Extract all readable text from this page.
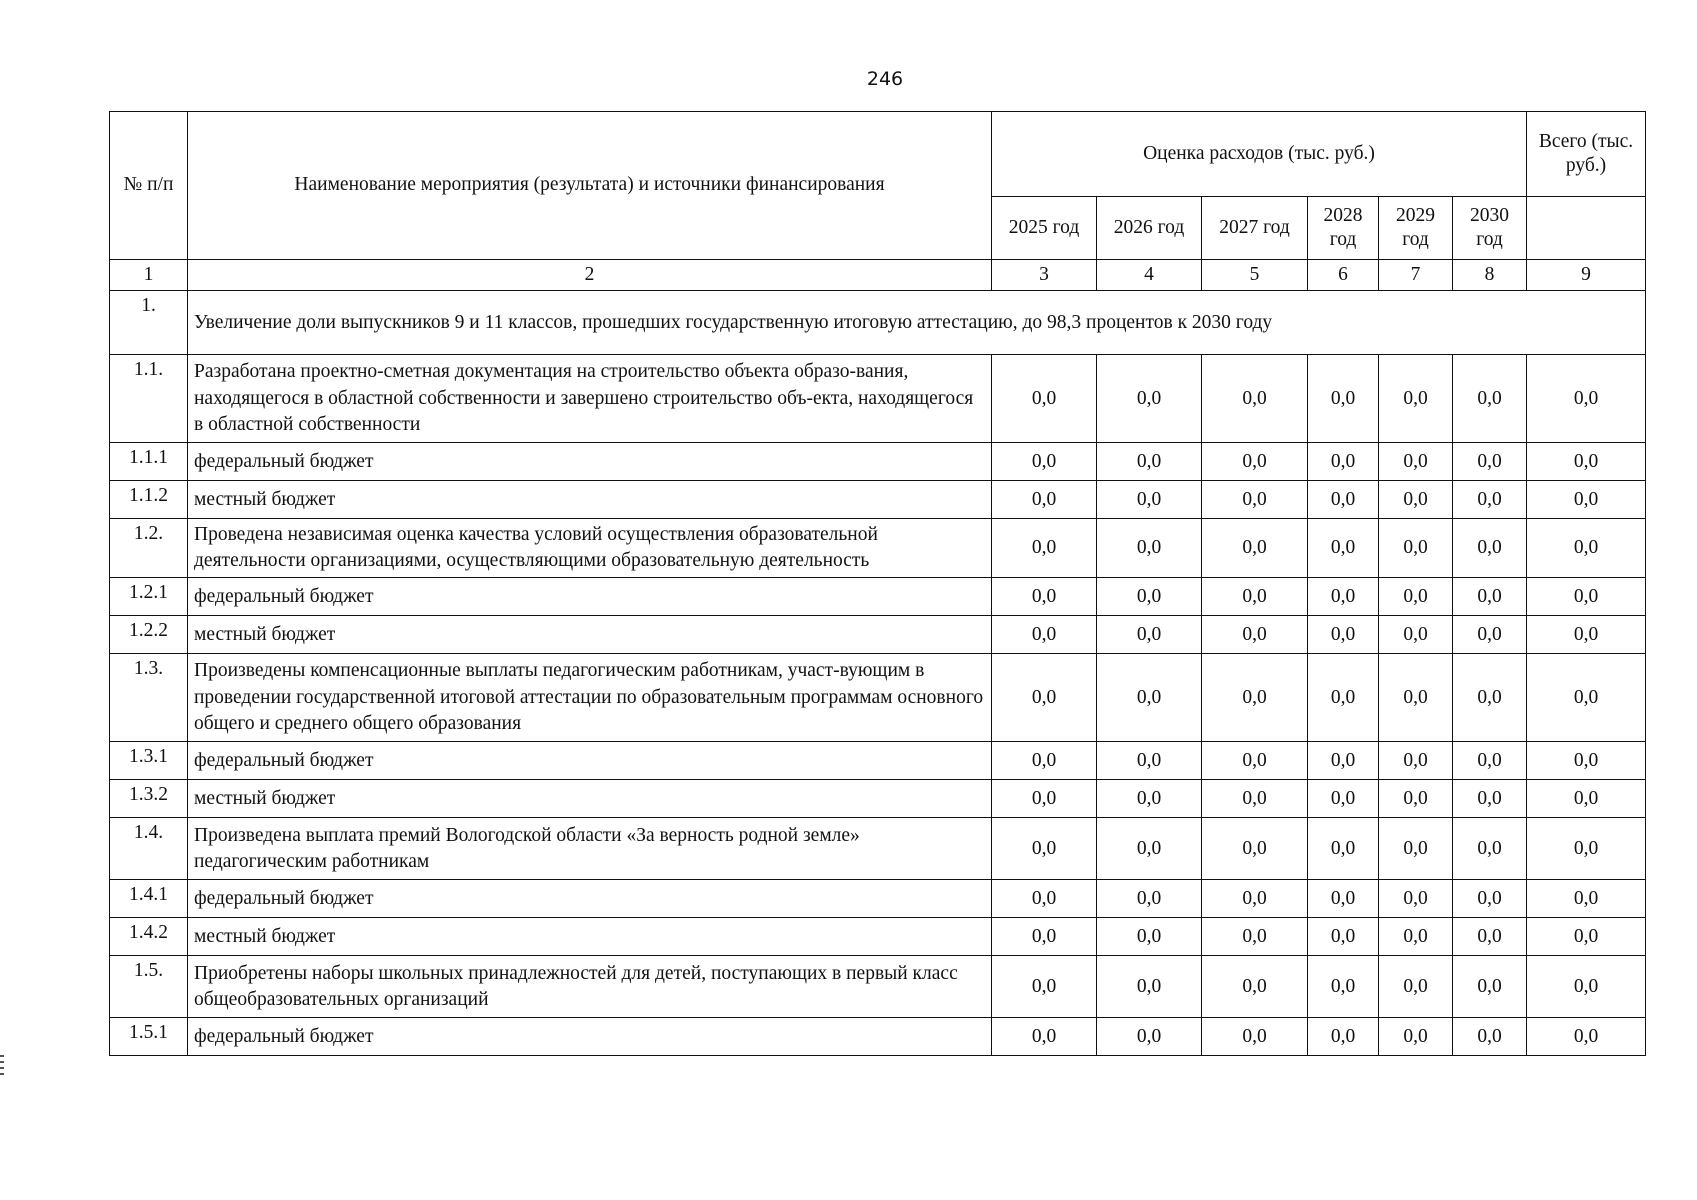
246
№ п/п	Наименование мероприятия (результата) и источники финансирования	Оценка расходов (тыс. руб.)						Всего (тыс. руб.)
		2025 год	2026 год	2027 год	2028 год	2029 год	2030 год	
1	2	3	4	5	6	7	8	9
1.	Увеличение доли выпускников 9 и 11 классов, прошедших государственную итоговую аттестацию, до 98,3 процентов к 2030 году							
1.1.	Разработана проектно-сметная документация на строительство объекта образо-вания, находящегося в областной собственности и завершено строительство объ-екта, находящегося в областной собственности	0,0	0,0	0,0	0,0	0,0	0,0	0,0
1.1.1	федеральный бюджет	0,0	0,0	0,0	0,0	0,0	0,0	0,0
1.1.2	местный бюджет	0,0	0,0	0,0	0,0	0,0	0,0	0,0
1.2.	Проведена независимая оценка качества условий осуществления образовательной деятельности организациями, осуществляющими образовательную деятельность	0,0	0,0	0,0	0,0	0,0	0,0	0,0
1.2.1	федеральный бюджет	0,0	0,0	0,0	0,0	0,0	0,0	0,0
1.2.2	местный бюджет	0,0	0,0	0,0	0,0	0,0	0,0	0,0
1.3.	Произведены компенсационные выплаты педагогическим работникам, участ-вующим в проведении государственной итоговой аттестации по образовательным программам основного общего и среднего общего образования	0,0	0,0	0,0	0,0	0,0	0,0	0,0
1.3.1	федеральный бюджет	0,0	0,0	0,0	0,0	0,0	0,0	0,0
1.3.2	местный бюджет	0,0	0,0	0,0	0,0	0,0	0,0	0,0
1.4.	Произведена выплата премий Вологодской области «За верность родной земле» педагогическим работникам	0,0	0,0	0,0	0,0	0,0	0,0	0,0
1.4.1	федеральный бюджет	0,0	0,0	0,0	0,0	0,0	0,0	0,0
1.4.2	местный бюджет	0,0	0,0	0,0	0,0	0,0	0,0	0,0
1.5.	Приобретены наборы школьных принадлежностей для детей, поступающих в первый класс общеобразовательных организаций	0,0	0,0	0,0	0,0	0,0	0,0	0,0
1.5.1	федеральный бюджет	0,0	0,0	0,0	0,0	0,0	0,0	0,0
